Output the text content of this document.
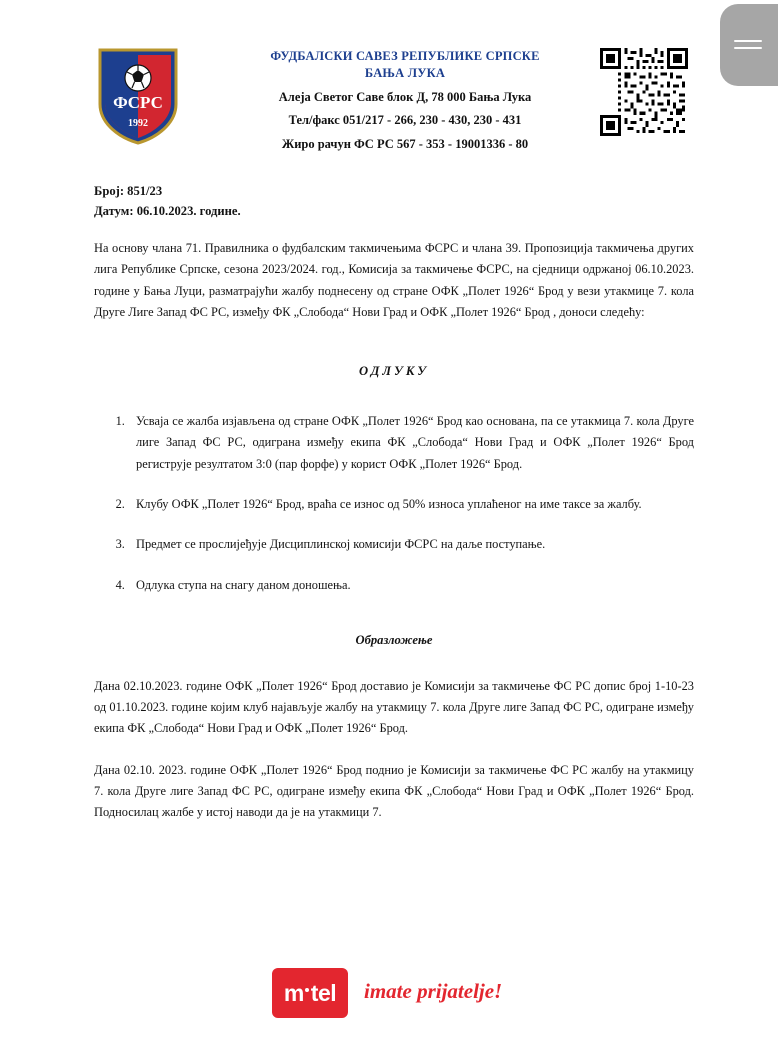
ФСРС
1992
ФУДБАЛСКИ САВЕЗ РЕПУБЛИКЕ СРПСКЕ
БАЊА ЛУКА
Алеја Светог Саве блок Д, 78 000 Бања Лука
Тел/факс 051/217 - 266, 230 - 430, 230 - 431
Жиро рачун ФС РС 567 - 353 - 19001336 - 80
Број: 851/23
Датум: 06.10.2023. године.
На основу члана 71. Правилника о фудбалским такмичењима ФСРС и члана 39. Пропозиција такмичења других лига Републике Српске, сезона 2023/2024. год., Комисија за такмичење ФСРС, на сједници одржаној 06.10.2023. године у Бања Луци, разматрајући жалбу поднесену од стране ОФК „Полет 1926“ Брод у вези утакмице 7. кола Друге Лиге Запад ФС РС, између ФК „Слобода“ Нови Град и ОФК „Полет 1926“ Брод , доноси следећу:
ОДЛУКУ
1. Усваја се жалба изјављена од стране ОФК „Полет 1926“ Брод као основана, па се утакмица 7. кола Друге лиге Запад ФС РС, одиграна између екипа ФК „Слобода“ Нови Град и ОФК „Полет 1926“ Брод региструје резултатом 3:0 (пар форфе) у корист ОФК „Полет 1926“ Брод.
2. Клубу ОФК „Полет 1926“ Брод, враћа се износ од 50% износа уплаћеног на име таксе за жалбу.
3. Предмет се прослијеђује Дисциплинској комисији ФСРС на даље поступање.
4. Одлука ступа на снагу даном доношења.
Образложење
Дана 02.10.2023. године ОФК „Полет 1926“ Брод доставио је Комисији за такмичење ФС РС допис број 1-10-23 од 01.10.2023. године којим клуб најављује жалбу на утакмицу 7. кола Друге лиге Запад ФС РС, одигране између екипа ФК „Слобода“ Нови Град и ОФК „Полет 1926“ Брод.
Дана 02.10. 2023. године ОФК „Полет 1926“ Брод поднио је Комисији за такмичење ФС РС жалбу на утакмицу 7. кола Друге лиге Запад ФС РС, одигране између екипа ФК „Слобода“ Нови Град и ОФК „Полет 1926“ Брод. Подносилац жалбе у истој наводи да је на утакмици 7.
m tel imate prijatelje!
